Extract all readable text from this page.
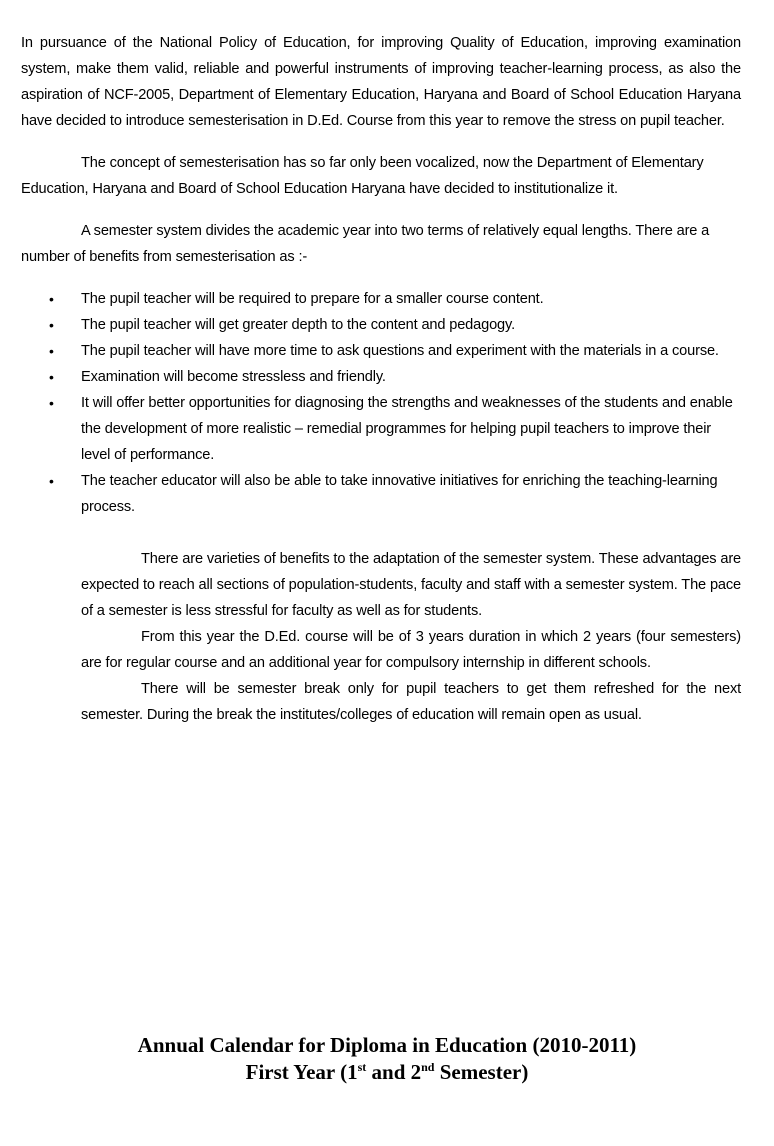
In pursuance of the National Policy of Education, for improving Quality of Education, improving examination system, make them valid, reliable and powerful instruments of improving teacher-learning process, as also the aspiration of NCF-2005, Department of Elementary Education, Haryana and Board of School Education Haryana have decided to introduce semesterisation in D.Ed. Course from this year to remove the stress on pupil teacher.

The concept of semesterisation has so far only been vocalized, now the Department of Elementary Education, Haryana and Board of School Education Haryana have decided to institutionalize it.

A semester system divides the academic year into two terms of relatively equal lengths. There are a number of benefits from semesterisation as :-

•	The pupil teacher will be required to prepare for a smaller course content.
•	The pupil teacher will get greater depth to the content and pedagogy.
•	The pupil teacher will have more time to ask questions and experiment with the materials in a course.
•	Examination will become stressless and friendly.
•	It will offer better opportunities for diagnosing the strengths and weaknesses of the students and enable the development of more realistic – remedial programmes for helping pupil teachers to improve their level of performance.
•	The teacher educator will also be able to take innovative initiatives for enriching the teaching-learning process.

There are varieties of benefits to the adaptation of the semester system. These advantages are expected to reach all sections of population-students, faculty and staff with a semester system. The pace of a semester is less stressful for faculty as well as for students.

From this year the D.Ed. course will be of 3 years duration in which 2 years (four semesters) are for regular course and an additional year for compulsory internship in different schools.

There will be semester break only for pupil teachers to get them refreshed for the next semester. During the break the institutes/colleges of education will remain open as usual.

Annual Calendar for Diploma in Education (2010-2011)
First Year (1st and 2nd Semester)
